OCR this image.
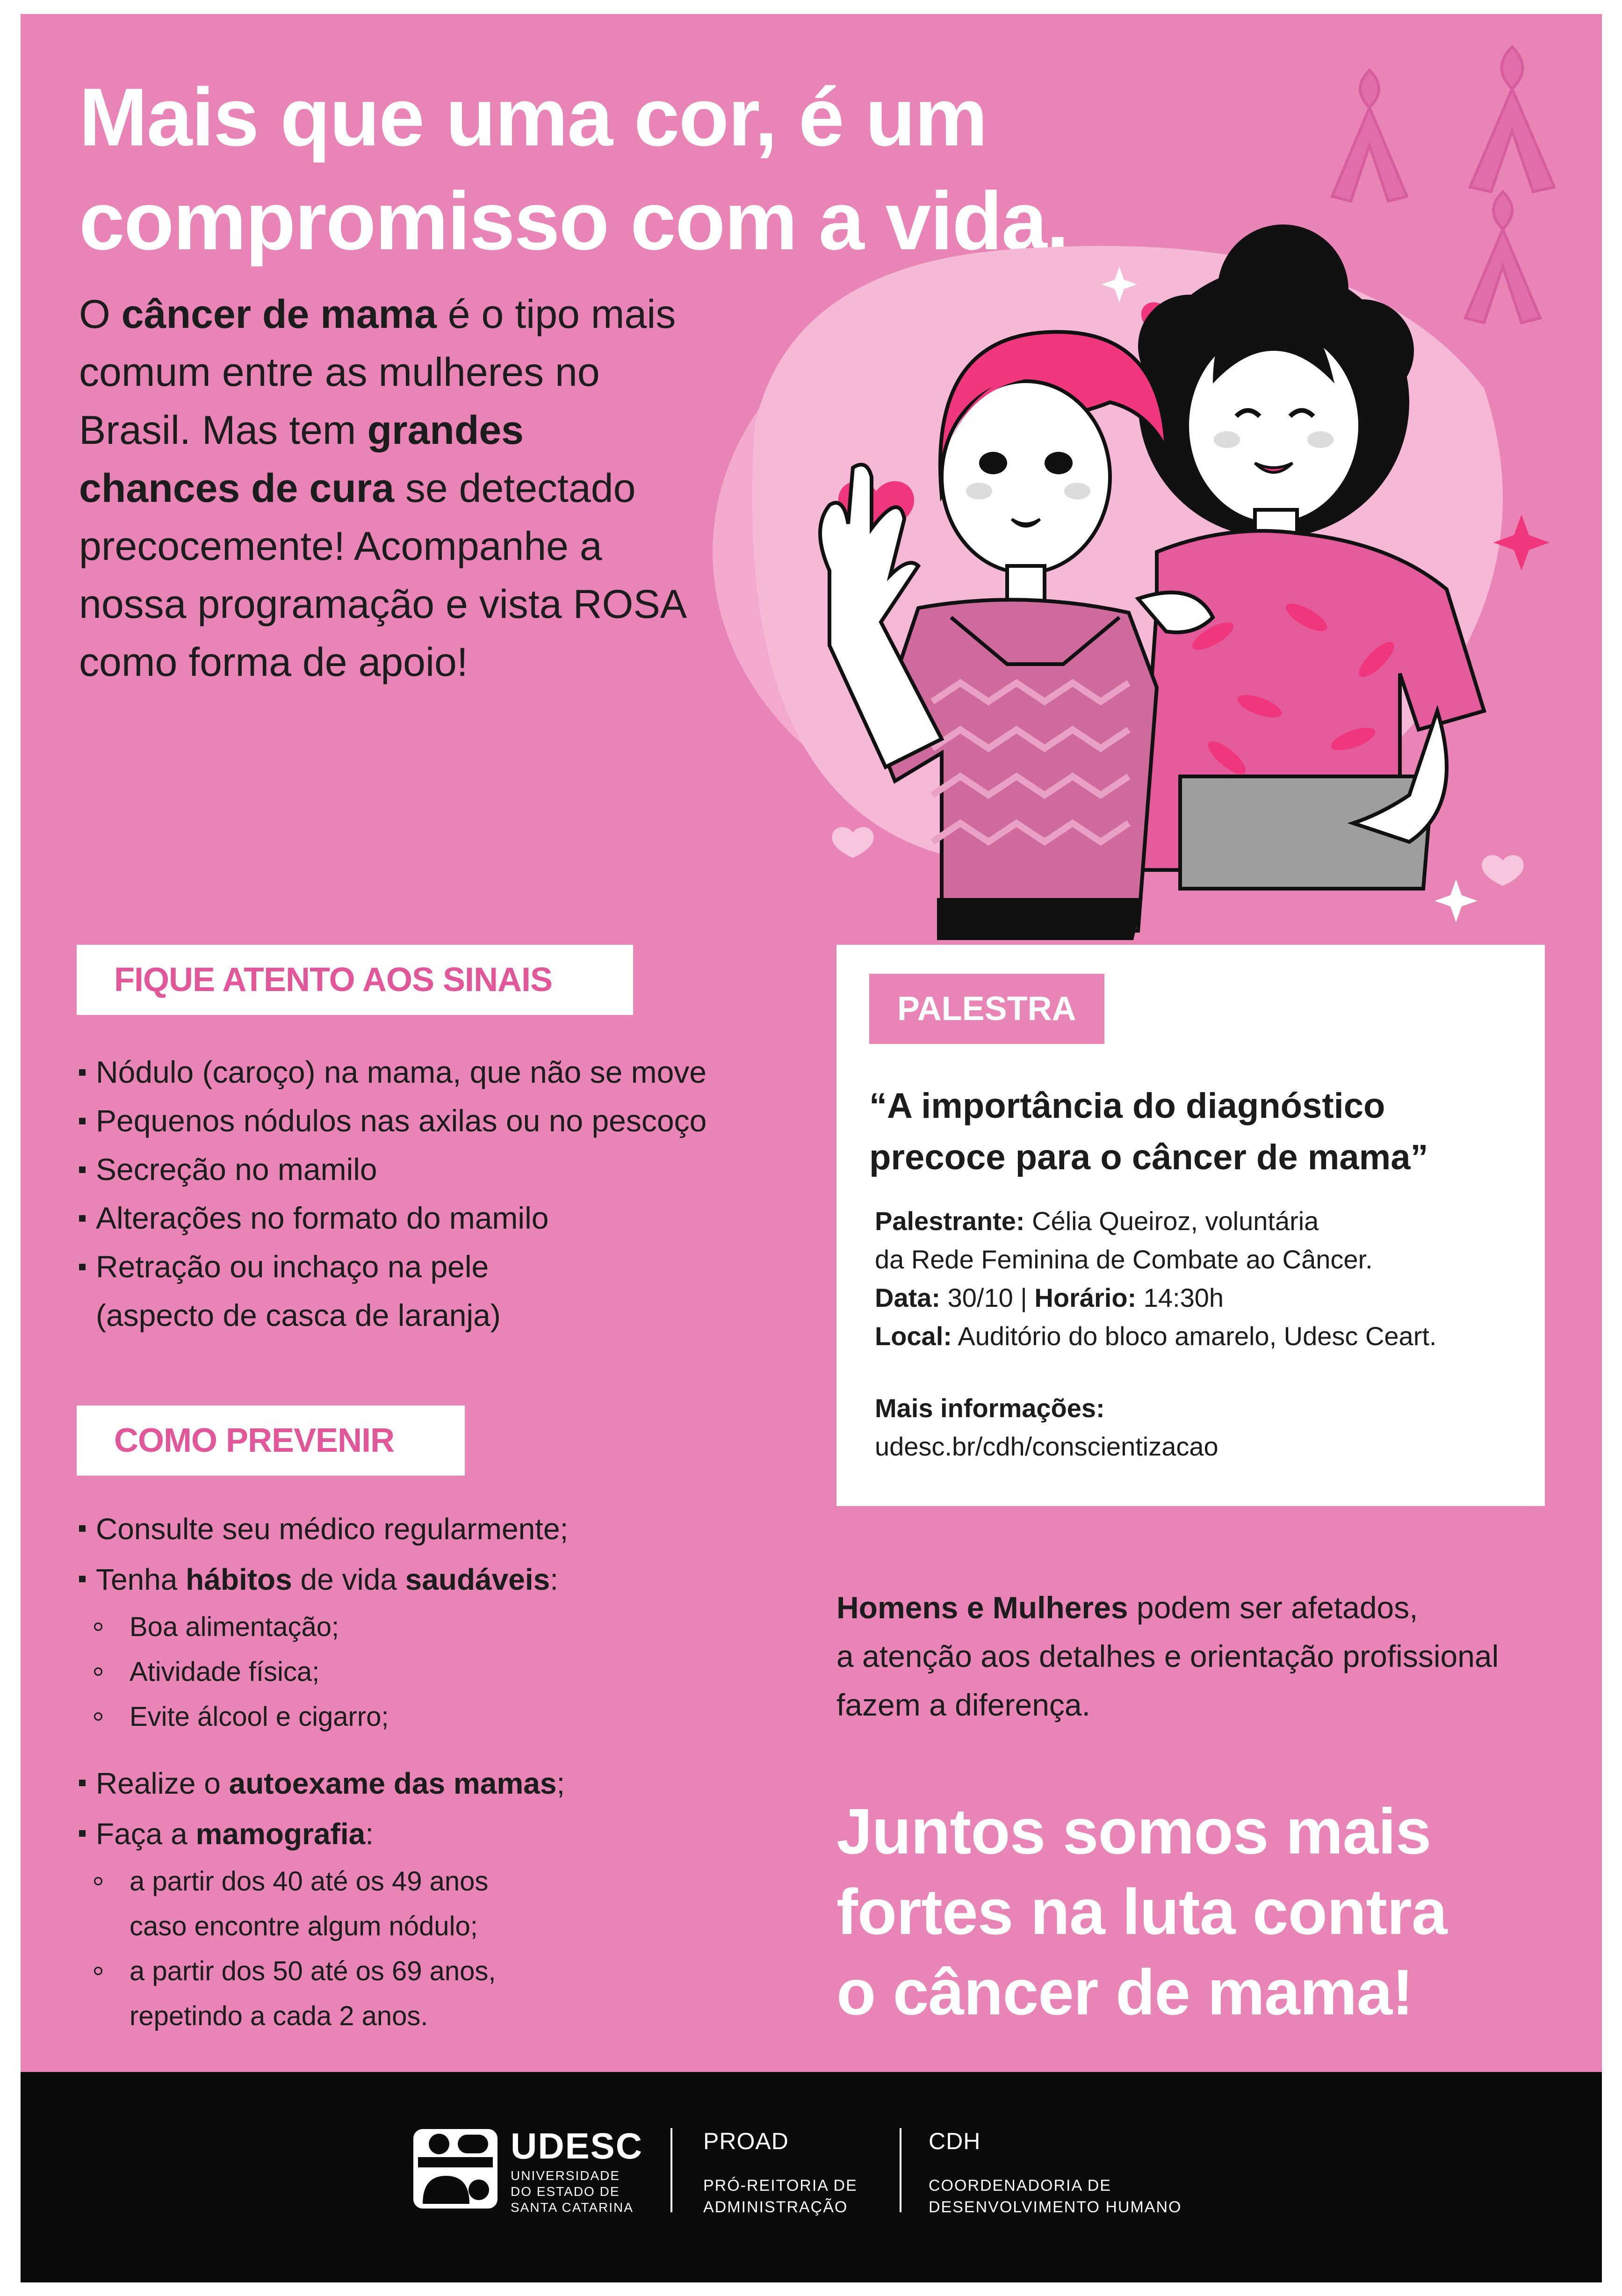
Mais que uma cor, é um
compromisso com a vida.

O câncer de mama é o tipo mais comum entre as mulheres no Brasil. Mas tem grandes chances de cura se detectado precocemente! Acompanhe a nossa programação e vista ROSA como forma de apoio!

FIQUE ATENTO AOS SINAIS
Nódulo (caroço) na mama, que não se move
Pequenos nódulos nas axilas ou no pescoço
Secreção no mamilo
Alterações no formato do mamilo
Retração ou inchaço na pele
(aspecto de casca de laranja)
COMO PREVENIR
Consulte seu médico regularmente;
Tenha hábitos de vida saudáveis:
Boa alimentação;
Atividade física;
Evite álcool e cigarro;
Realize o autoexame das mamas;
Faça a mamografia:
a partir dos 40 até os 49 anos
caso encontre algum nódulo;
a partir dos 50 até os 69 anos,
repetindo a cada 2 anos.
PALESTRA

“A importância do diagnóstico
precoce para o câncer de mama”

Palestrante: Célia Queiroz, voluntária
da Rede Feminina de Combate ao Câncer.
Data: 30/10 | Horário: 14:30h
Local: Auditório do bloco amarelo, Udesc Ceart.

Mais informações:
udesc.br/cdh/conscientizacao

Homens e Mulheres podem ser afetados,
a atenção aos detalhes e orientação profissional
fazem a diferença.

Juntos somos mais
fortes na luta contra
o câncer de mama!

UDESC
UNIVERSIDADE
DO ESTADO DE
SANTA CATARINA
PROAD
PRÓ-REITORIA DE
ADMINISTRAÇÃO
CDH
COORDENADORIA DE
DESENVOLVIMENTO HUMANO
